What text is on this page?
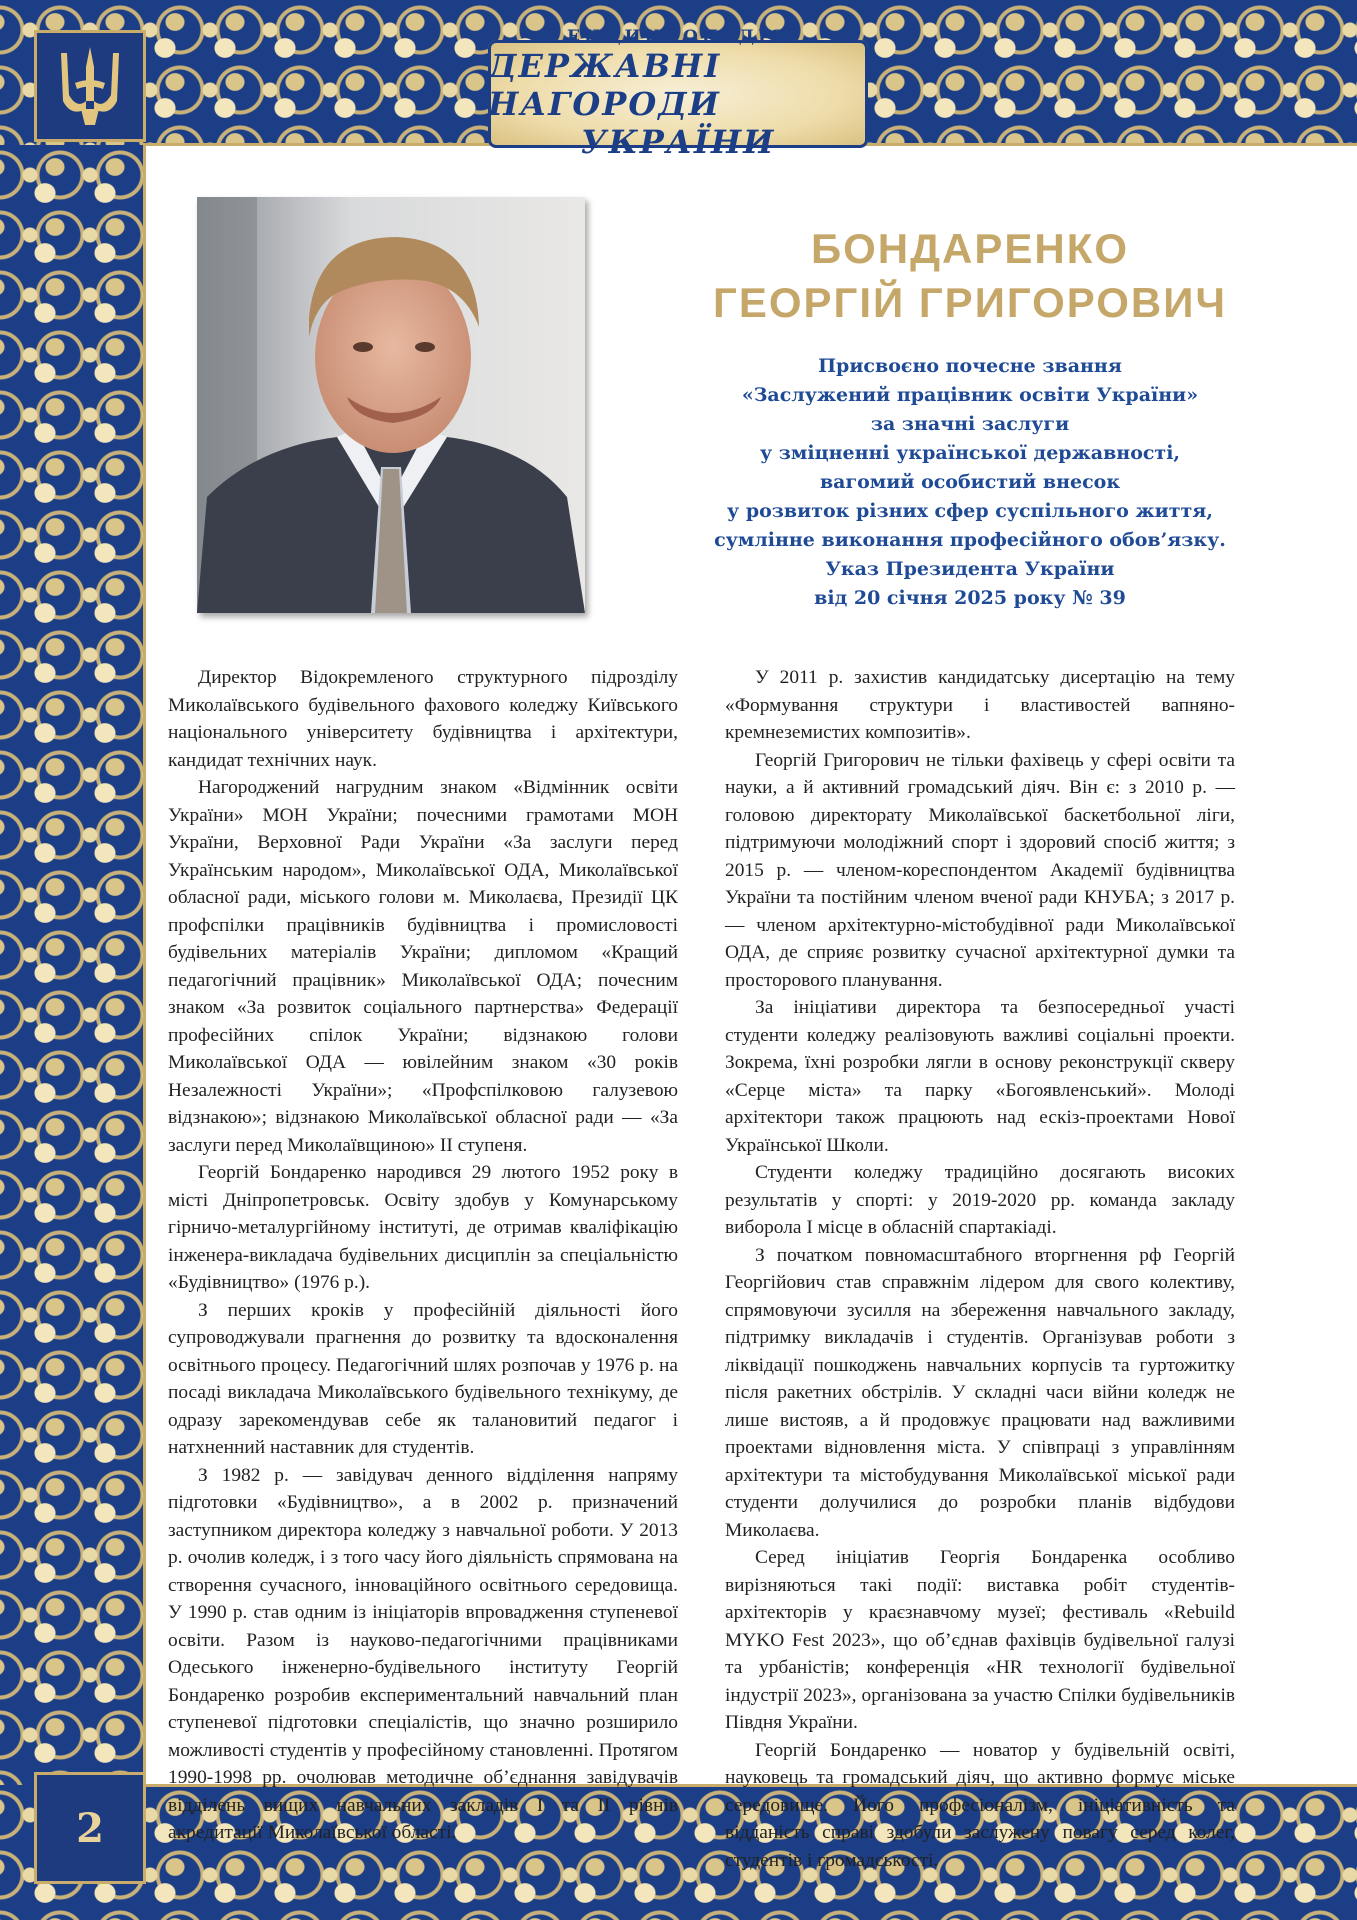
ЕНЦИКЛОПЕДІЯ
ДЕРЖАВНІ НАГОРОДИ
УКРАЇНИ
БОНДАРЕНКО
ГЕОРГІЙ ГРИГОРОВИЧ
Присвоєно почесне звання
«Заслужений працівник освіти України»
за значні заслуги
у зміцненні української державності,
вагомий особистий внесок
у розвиток різних сфер суспільного життя,
сумлінне виконання професійного обов’язку.
Указ Президента України
від 20 січня 2025 року № 39

Директор Відокремленого структурного підрозділу Миколаївського будівельного фахового коледжу Київського національного університету будівництва і архітектури, кандидат технічних наук.

Нагороджений нагрудним знаком «Відмінник освіти України» МОН України; почесними грамотами МОН України, Верховної Ради України «За заслуги перед Українським народом», Миколаївської ОДА, Миколаївської обласної ради, міського голови м. Миколаєва, Президії ЦК профспілки працівників будівництва і промисловості будівельних матеріалів України; дипломом «Кращий педагогічний працівник» Миколаївської ОДА; почесним знаком «За розвиток соціального партнерства» Федерації професійних спілок України; відзнакою голови Миколаївської ОДА — ювілейним знаком «30 років Незалежності України»; «Профспілковою галузевою відзнакою»; відзнакою Миколаївської обласної ради — «За заслуги перед Миколаївщиною» ІІ ступеня.

Георгій Бондаренко народився 29 лютого 1952 року в місті Дніпропетровськ. Освіту здобув у Комунарському гірничо-металургійному інституті, де отримав кваліфікацію інженера-викладача будівельних дисциплін за спеціальністю «Будівництво» (1976 р.).

З перших кроків у професійній діяльності його супроводжували прагнення до розвитку та вдосконалення освітнього процесу. Педагогічний шлях розпочав у 1976 р. на посаді викладача Миколаївського будівельного технікуму, де одразу зарекомендував себе як талановитий педагог і натхненний наставник для студентів.

З 1982 р. — завідувач денного відділення напряму підготовки «Будівництво», а в 2002 р. призначений заступником директора коледжу з навчальної роботи. У 2013 р. очолив коледж, і з того часу його діяльність спрямована на створення сучасного, інноваційного освітнього середовища. У 1990 р. став одним із ініціаторів впровадження ступеневої освіти. Разом із науково-педагогічними працівниками Одеського інженерно-будівельного інституту Георгій Бондаренко розробив експериментальний навчальний план ступеневої підготовки спеціалістів, що значно розширило можливості студентів у професійному становленні. Протягом 1990-1998 рр. очолював методичне об’єднання завідувачів відділень вищих навчальних закладів І та ІІ рівнів акредитації Миколаївської області.

У 2011 р. захистив кандидатську дисертацію на тему «Формування структури і властивостей вапняно-кремнеземистих композитів».

Георгій Григорович не тільки фахівець у сфері освіти та науки, а й активний громадський діяч. Він є: з 2010 р. — головою директорату Миколаївської баскетбольної ліги, підтримуючи молодіжний спорт і здоровий спосіб життя; з 2015 р. — членом-кореспондентом Академії будівництва України та постійним членом вченої ради КНУБА; з 2017 р. — членом архітектурно-містобудівної ради Миколаївської ОДА, де сприяє розвитку сучасної архітектурної думки та просторового планування.

За ініціативи директора та безпосередньої участі студенти коледжу реалізовують важливі соціальні проекти. Зокрема, їхні розробки лягли в основу реконструкції скверу «Серце міста» та парку «Богоявленський». Молоді архітектори також працюють над ескіз-проектами Нової Української Школи.

Студенти коледжу традиційно досягають високих результатів у спорті: у 2019-2020 рр. команда закладу виборола І місце в обласній спартакіаді.

З початком повномасштабного вторгнення рф Георгій Георгійович став справжнім лідером для свого колективу, спрямовуючи зусилля на збереження навчального закладу, підтримку викладачів і студентів. Організував роботи з ліквідації пошкоджень навчальних корпусів та гуртожитку після ракетних обстрілів. У складні часи війни коледж не лише вистояв, а й продовжує працювати над важливими проектами відновлення міста. У співпраці з управлінням архітектури та містобудування Миколаївської міської ради студенти долучилися до розробки планів відбудови Миколаєва.

Серед ініціатив Георгія Бондаренка особливо вирізняються такі події: виставка робіт студентів-архітекторів у краєзнавчому музеї; фестиваль «Rebuild MYKO Fest 2023», що об’єднав фахівців будівельної галузі та урбаністів; конференція «HR технології будівельної індустрії 2023», організована за участю Спілки будівельників Півдня України.

Георгій Бондаренко — новатор у будівельній освіті, науковець та громадський діяч, що активно формує міське середовище. Його професіоналізм, ініціативність та відданість справі здобули заслужену повагу серед колег, студентів і громадськості.

2
